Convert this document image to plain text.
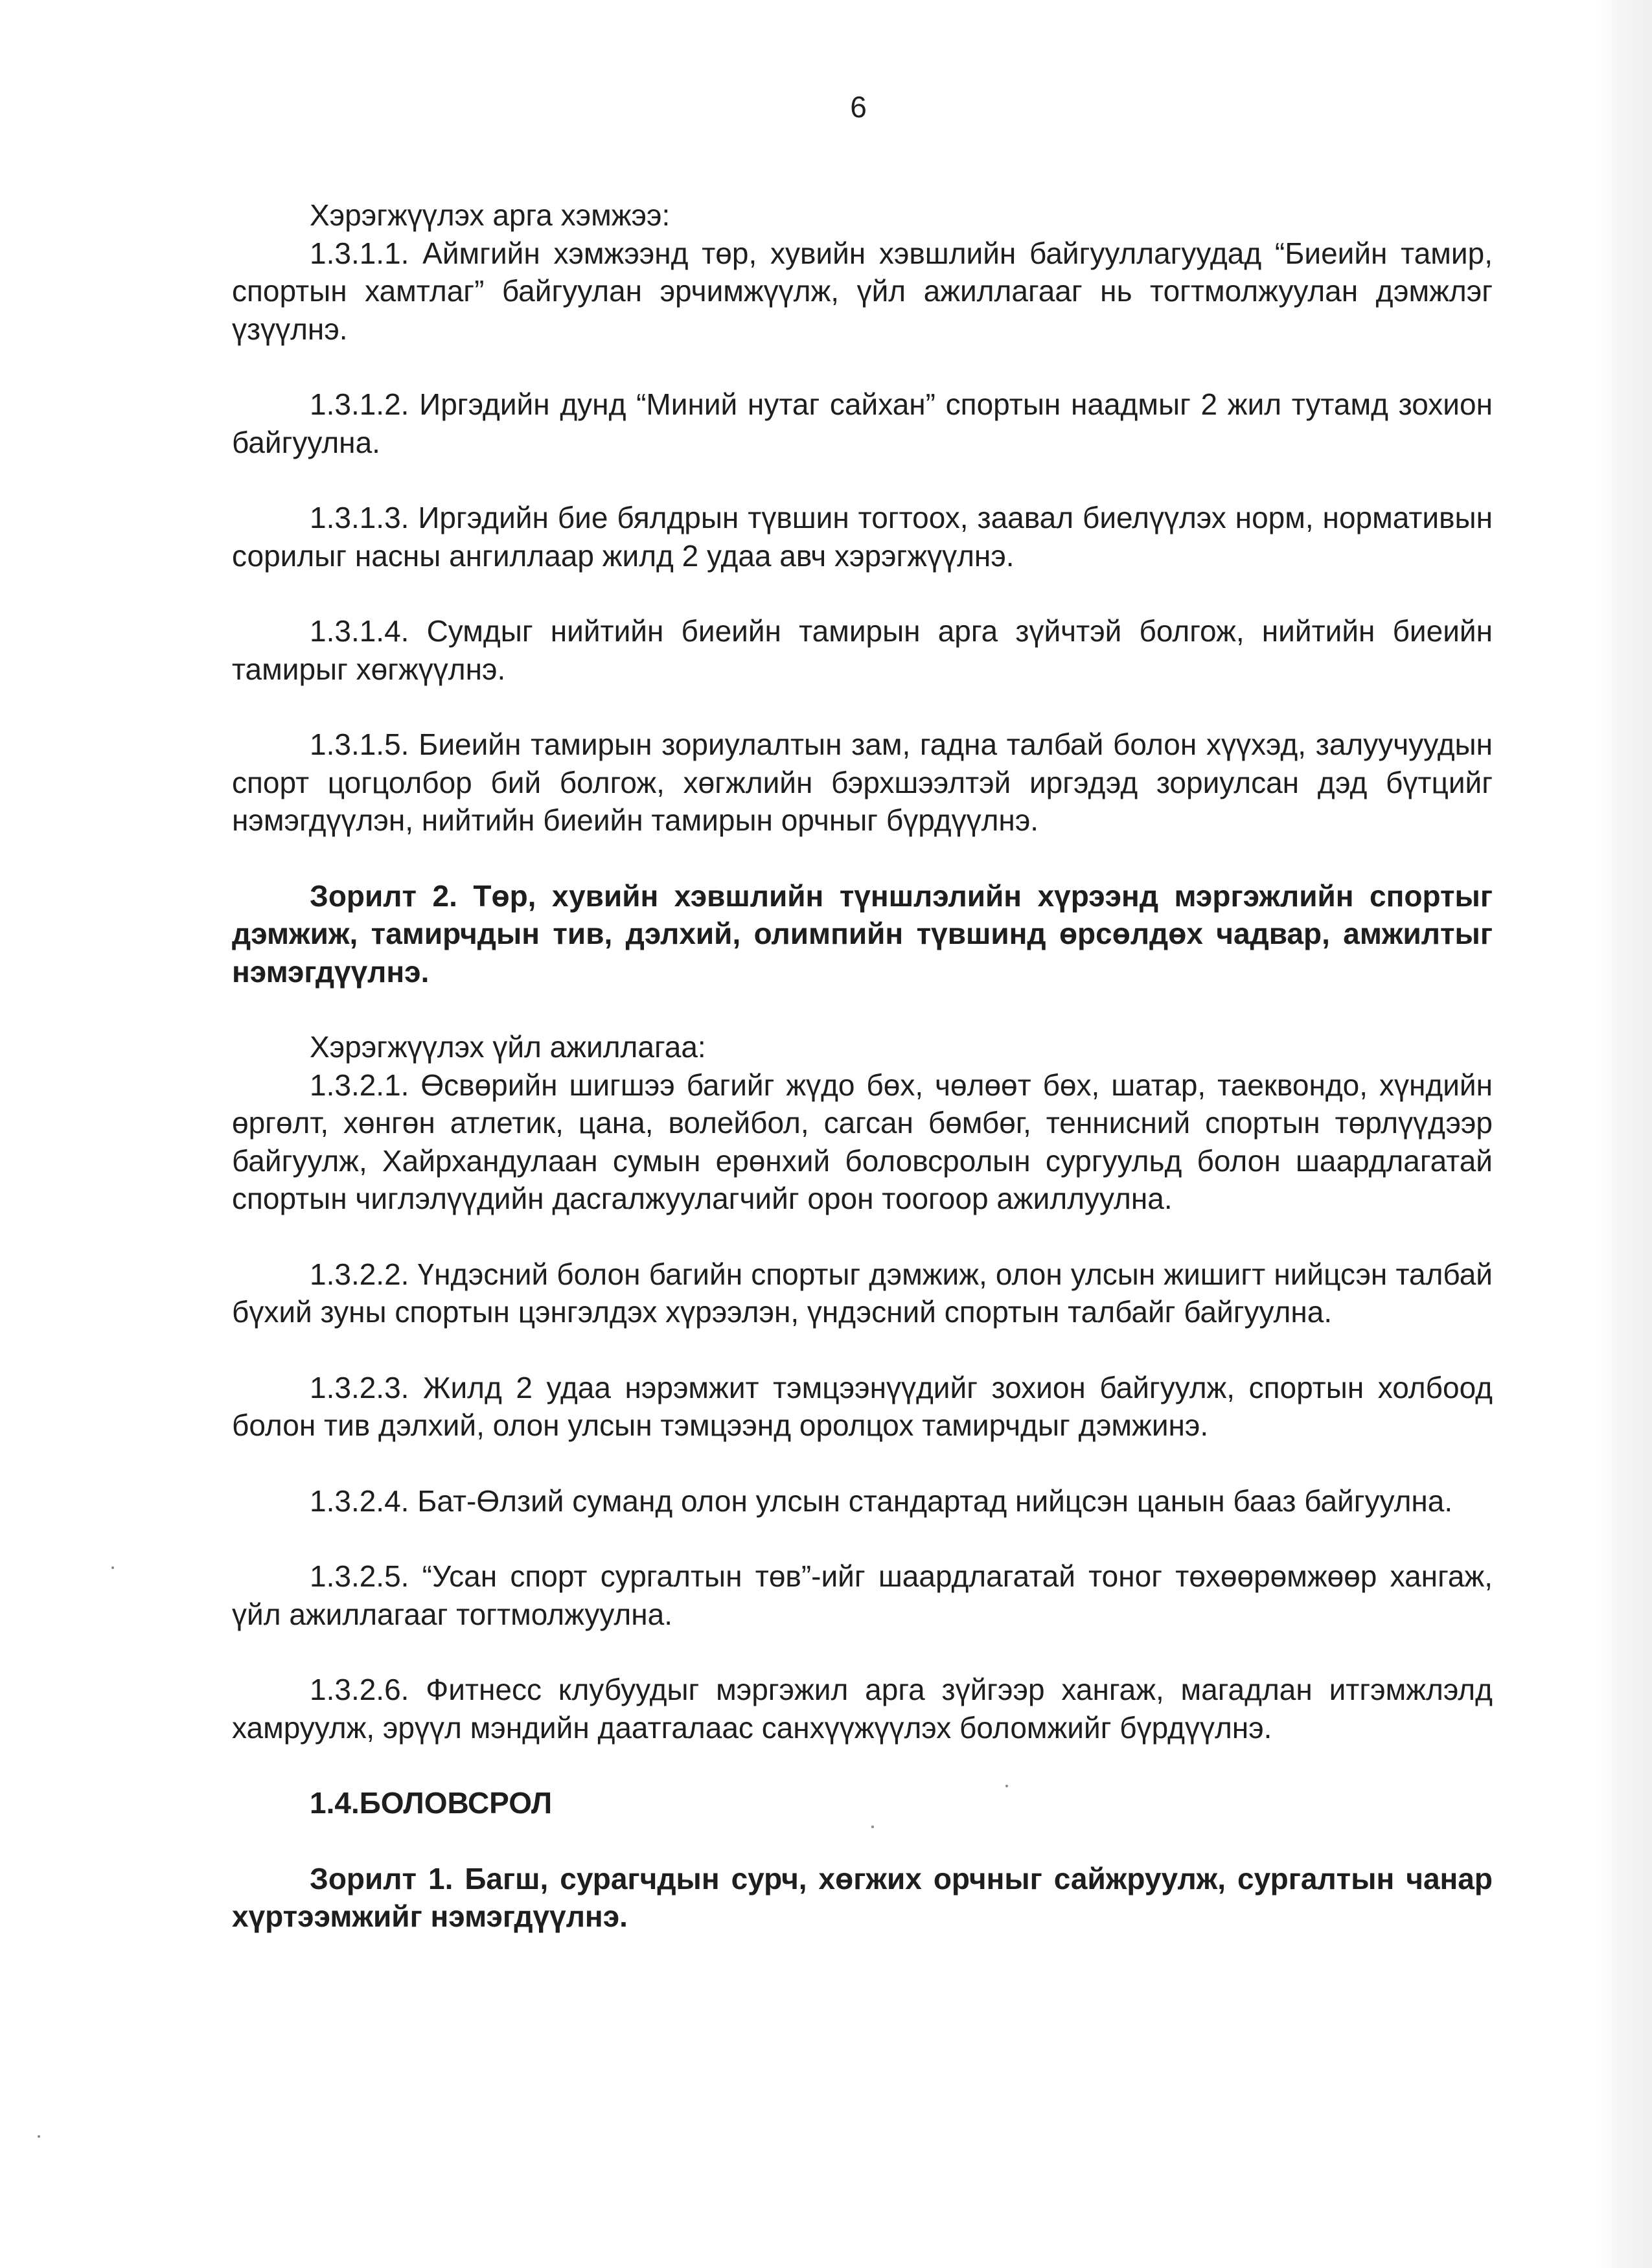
6

Хэрэгжүүлэх арга хэмжээ:

1.3.1.1. Аймгийн хэмжээнд төр, хувийн хэвшлийн байгууллагуудад “Биеийн тамир, спортын хамтлаг” байгуулан эрчимжүүлж, үйл ажиллагааг нь тогтмолжуулан дэмжлэг үзүүлнэ.

1.3.1.2. Иргэдийн дунд “Миний нутаг сайхан” спортын наадмыг 2 жил тутамд зохион байгуулна.

1.3.1.3. Иргэдийн бие бялдрын түвшин тогтоох, заавал биелүүлэх норм, нормативын сорилыг насны ангиллаар жилд 2 удаа авч хэрэгжүүлнэ.

1.3.1.4. Сумдыг нийтийн биеийн тамирын арга зүйчтэй болгож, нийтийн биеийн тамирыг хөгжүүлнэ.

1.3.1.5. Биеийн тамирын зориулалтын зам, гадна талбай болон хүүхэд, залуучуудын спорт цогцолбор бий болгож, хөгжлийн бэрхшээлтэй иргэдэд зориулсан дэд бүтцийг нэмэгдүүлэн, нийтийн биеийн тамирын орчныг бүрдүүлнэ.

Зорилт 2. Төр, хувийн хэвшлийн түншлэлийн хүрээнд мэргэжлийн спортыг дэмжиж, тамирчдын тив, дэлхий, олимпийн түвшинд өрсөлдөх чадвар, амжилтыг нэмэгдүүлнэ.

Хэрэгжүүлэх үйл ажиллагаа:

1.3.2.1. Өсвөрийн шигшээ багийг жүдо бөх, чөлөөт бөх, шатар, таеквондо, хүндийн өргөлт, хөнгөн атлетик, цана, волейбол, сагсан бөмбөг, теннисний спортын төрлүүдээр байгуулж, Хайрхандулаан сумын ерөнхий боловсролын сургуульд болон шаардлагатай спортын чиглэлүүдийн дасгалжуулагчийг орон тоогоор ажиллуулна.

1.3.2.2. Үндэсний болон багийн спортыг дэмжиж, олон улсын жишигт нийцсэн талбай бүхий зуны спортын цэнгэлдэх хүрээлэн, үндэсний спортын талбайг байгуулна.

1.3.2.3. Жилд 2 удаа нэрэмжит тэмцээнүүдийг зохион байгуулж, спортын холбоод болон тив дэлхий, олон улсын тэмцээнд оролцох тамирчдыг дэмжинэ.

1.3.2.4. Бат-Өлзий суманд олон улсын стандартад нийцсэн цанын бааз байгуулна.

1.3.2.5. “Усан спорт сургалтын төв”-ийг шаардлагатай тоног төхөөрөмжөөр хангаж, үйл ажиллагааг тогтмолжуулна.

1.3.2.6. Фитнесс клубуудыг мэргэжил арга зүйгээр хангаж, магадлан итгэмжлэлд хамруулж, эрүүл мэндийн даатгалаас санхүүжүүлэх боломжийг бүрдүүлнэ.

1.4.БОЛОВСРОЛ

Зорилт 1. Багш, сурагчдын сурч, хөгжих орчныг сайжруулж, сургалтын чанар хүртээмжийг нэмэгдүүлнэ.
